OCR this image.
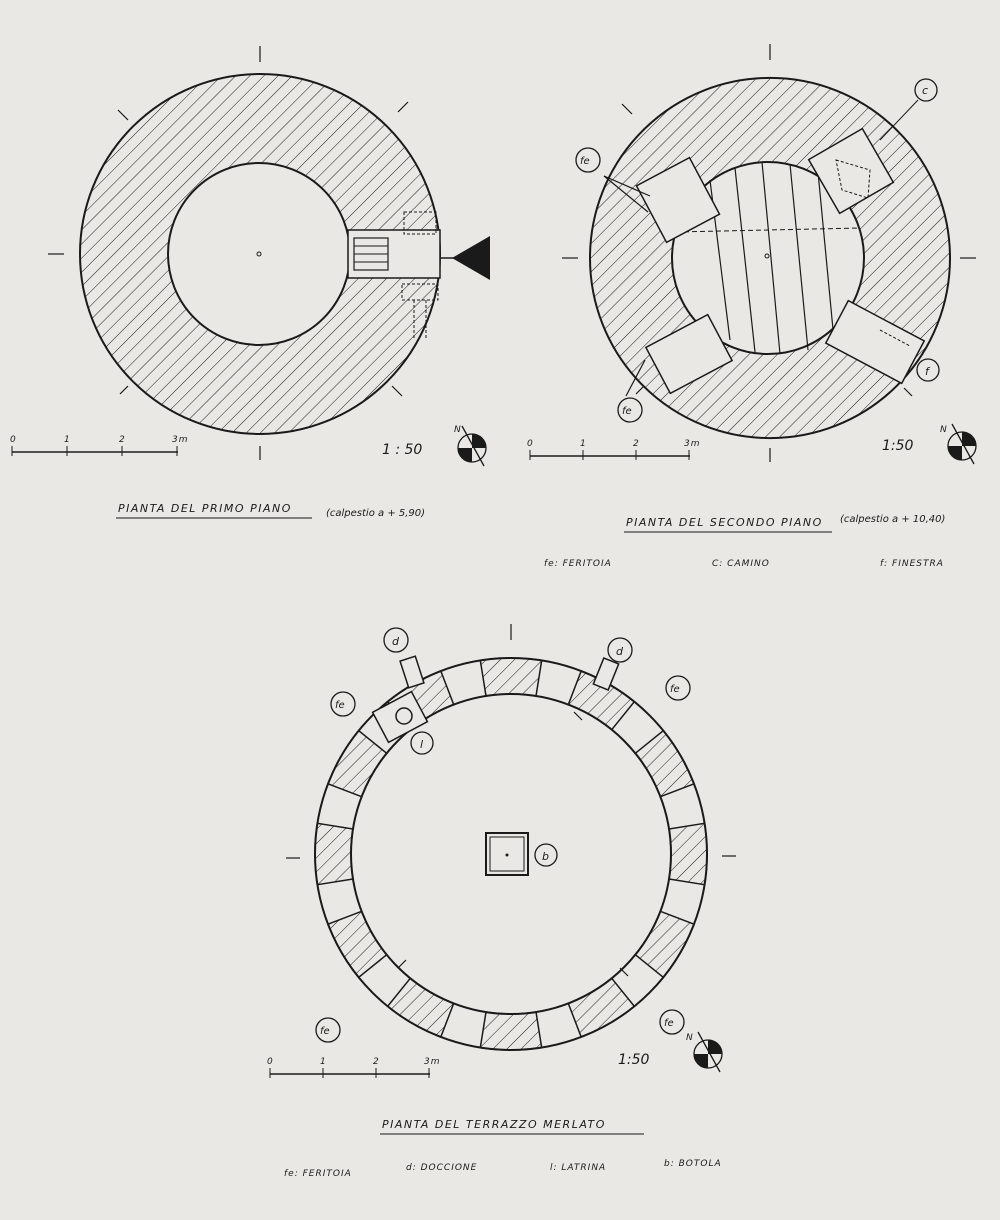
0	1	2	3m
1 : 50
N
PIANTA DEL PRIMO PIANO	(calpestio a + 5,90)
c
fe
fe
f
0	1	2	3m	1:50
N
PIANTA DEL SECONDO PIANO (calpestio a + 10,40)
fe: FERITOIA	C: CAMINO	f: FINESTRA
d
d
fe
fe
l
b
fe
fe
0	1	2	3m	1:50
N
PIANTA DEL TERRAZZO MERLATO
fe: FERITOIA
d: DOCCIONE	l: LATRINA	b: BOTOLA
